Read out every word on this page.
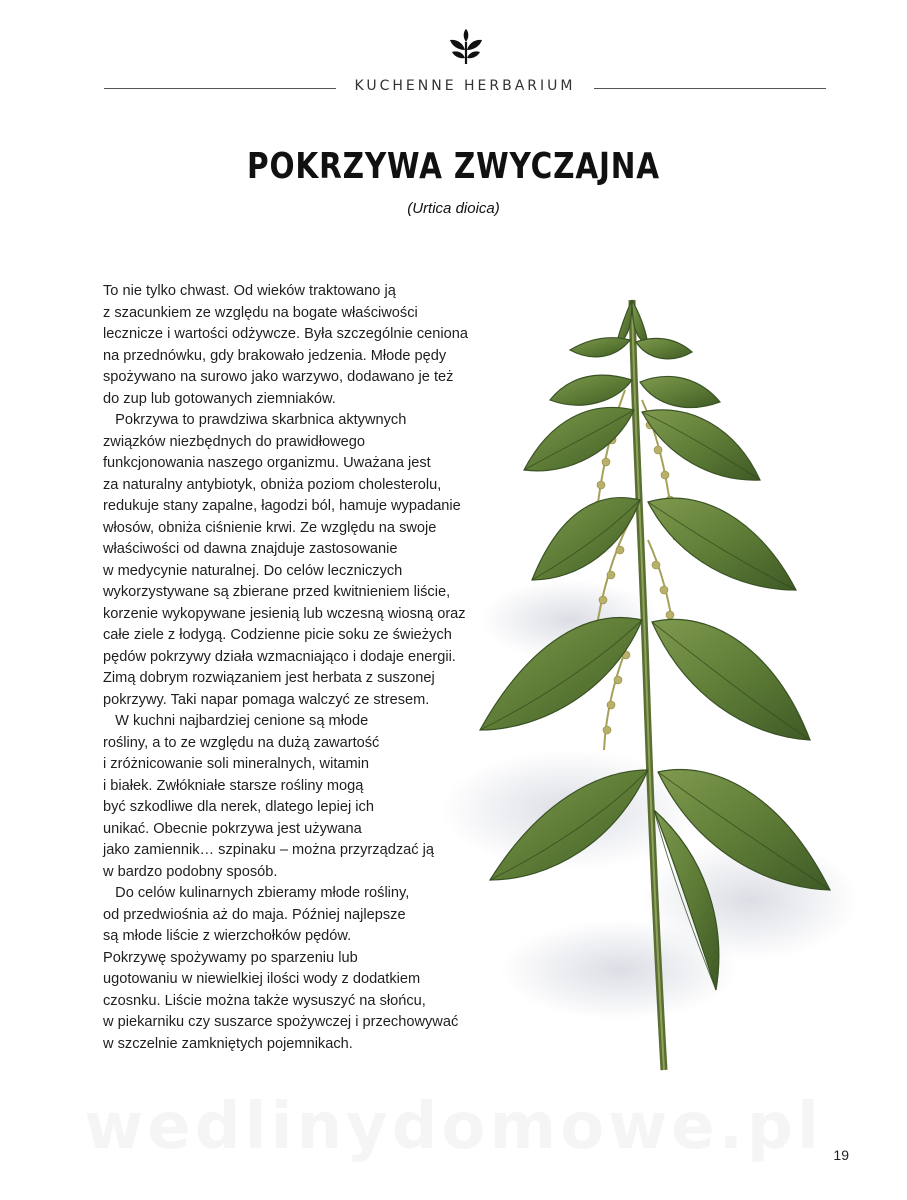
KUCHENNE HERBARIUM
POKRZYWA ZWYCZAJNA
(Urtica dioica)
To nie tylko chwast. Od wieków traktowano ją
z szacunkiem ze względu na bogate właściwości
lecznicze i wartości odżywcze. Była szczególnie ceniona
na przednówku, gdy brakowało jedzenia. Młode pędy
spożywano na surowo jako warzywo, dodawano je też
do zup lub gotowanych ziemniaków.
Pokrzywa to prawdziwa skarbnica aktywnych
związków niezbędnych do prawidłowego
funkcjonowania naszego organizmu. Uważana jest
za naturalny antybiotyk, obniża poziom cholesterolu,
redukuje stany zapalne, łagodzi ból, hamuje wypadanie
włosów, obniża ciśnienie krwi. Ze względu na swoje
właściwości od dawna znajduje zastosowanie
w medycynie naturalnej. Do celów leczniczych
wykorzystywane są zbierane przed kwitnieniem liście,
korzenie wykopywane jesienią lub wczesną wiosną oraz
całe ziele z łodygą. Codzienne picie soku ze świeżych
pędów pokrzywy działa wzmacniająco i dodaje energii.
Zimą dobrym rozwiązaniem jest herbata z suszonej
pokrzywy. Taki napar pomaga walczyć ze stresem.
W kuchni najbardziej cenione są młode
rośliny, a to ze względu na dużą zawartość
i zróżnicowanie soli mineralnych, witamin
i białek. Zwłókniałe starsze rośliny mogą
być szkodliwe dla nerek, dlatego lepiej ich
unikać. Obecnie pokrzywa jest używana
jako zamiennik… szpinaku – można przyrządzać ją
w bardzo podobny sposób.
Do celów kulinarnych zbieramy młode rośliny,
od przedwiośnia aż do maja. Później najlepsze
są młode liście z wierzchołków pędów.
Pokrzywę spożywamy po sparzeniu lub
ugotowaniu w niewielkiej ilości wody z dodatkiem
czosnku. Liście można także wysuszyć na słońcu,
w piekarniku czy suszarce spożywczej i przechowywać
w szczelnie zamkniętych pojemnikach.
wedlinydomowe.pl 19
